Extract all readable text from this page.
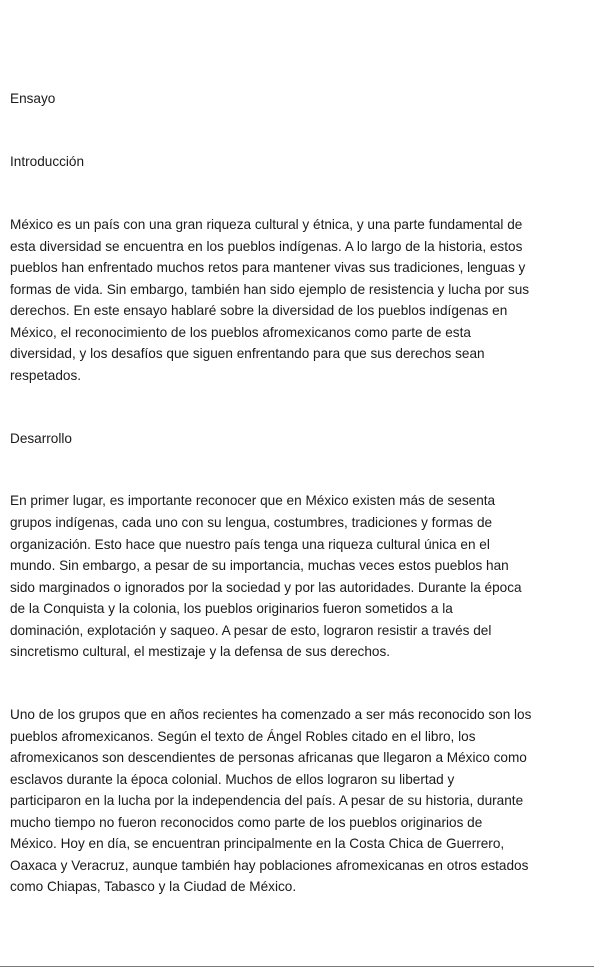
Ensayo
Introducción
México es un país con una gran riqueza cultural y étnica, y una parte fundamental de
esta diversidad se encuentra en los pueblos indígenas. A lo largo de la historia, estos
pueblos han enfrentado muchos retos para mantener vivas sus tradiciones, lenguas y
formas de vida. Sin embargo, también han sido ejemplo de resistencia y lucha por sus
derechos. En este ensayo hablaré sobre la diversidad de los pueblos indígenas en
México, el reconocimiento de los pueblos afromexicanos como parte de esta
diversidad, y los desafíos que siguen enfrentando para que sus derechos sean
respetados.
Desarrollo
En primer lugar, es importante reconocer que en México existen más de sesenta
grupos indígenas, cada uno con su lengua, costumbres, tradiciones y formas de
organización. Esto hace que nuestro país tenga una riqueza cultural única en el
mundo. Sin embargo, a pesar de su importancia, muchas veces estos pueblos han
sido marginados o ignorados por la sociedad y por las autoridades. Durante la época
de la Conquista y la colonia, los pueblos originarios fueron sometidos a la
dominación, explotación y saqueo. A pesar de esto, lograron resistir a través del
sincretismo cultural, el mestizaje y la defensa de sus derechos.
Uno de los grupos que en años recientes ha comenzado a ser más reconocido son los
pueblos afromexicanos. Según el texto de Ángel Robles citado en el libro, los
afromexicanos son descendientes de personas africanas que llegaron a México como
esclavos durante la época colonial. Muchos de ellos lograron su libertad y
participaron en la lucha por la independencia del país. A pesar de su historia, durante
mucho tiempo no fueron reconocidos como parte de los pueblos originarios de
México. Hoy en día, se encuentran principalmente en la Costa Chica de Guerrero,
Oaxaca y Veracruz, aunque también hay poblaciones afromexicanas en otros estados
como Chiapas, Tabasco y la Ciudad de México.
